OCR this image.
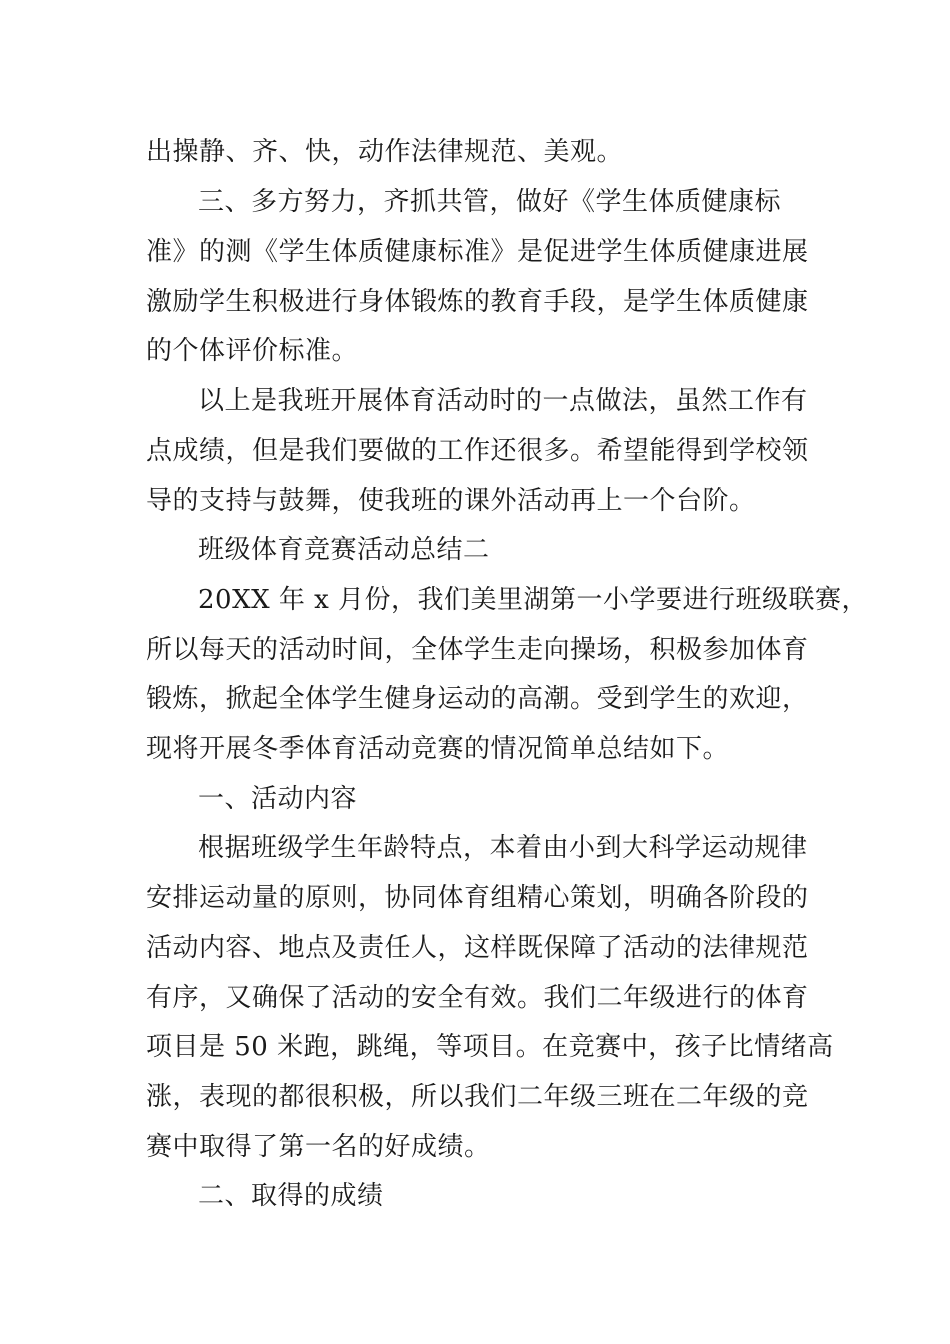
出操静、齐、快，动作法律规范、美观。
三、多方努力，齐抓共管，做好《学生体质健康标
准》的测《学生体质健康标准》是促进学生体质健康进展
激励学生积极进行身体锻炼的教育手段，是学生体质健康
的个体评价标准。
以上是我班开展体育活动时的一点做法，虽然工作有
点成绩，但是我们要做的工作还很多。希望能得到学校领
导的支持与鼓舞，使我班的课外活动再上一个台阶。
班级体育竞赛活动总结二
20XX 年 x 月份，我们美里湖第一小学要进行班级联赛，
所以每天的活动时间，全体学生走向操场，积极参加体育
锻炼，掀起全体学生健身运动的高潮。受到学生的欢迎，
现将开展冬季体育活动竞赛的情况简单总结如下。
一、活动内容
根据班级学生年龄特点，本着由小到大科学运动规律
安排运动量的原则，协同体育组精心策划，明确各阶段的
活动内容、地点及责任人，这样既保障了活动的法律规范
有序，又确保了活动的安全有效。我们二年级进行的体育
项目是 50 米跑，跳绳，等项目。在竞赛中，孩子比情绪高
涨，表现的都很积极，所以我们二年级三班在二年级的竞
赛中取得了第一名的好成绩。
二、取得的成绩
